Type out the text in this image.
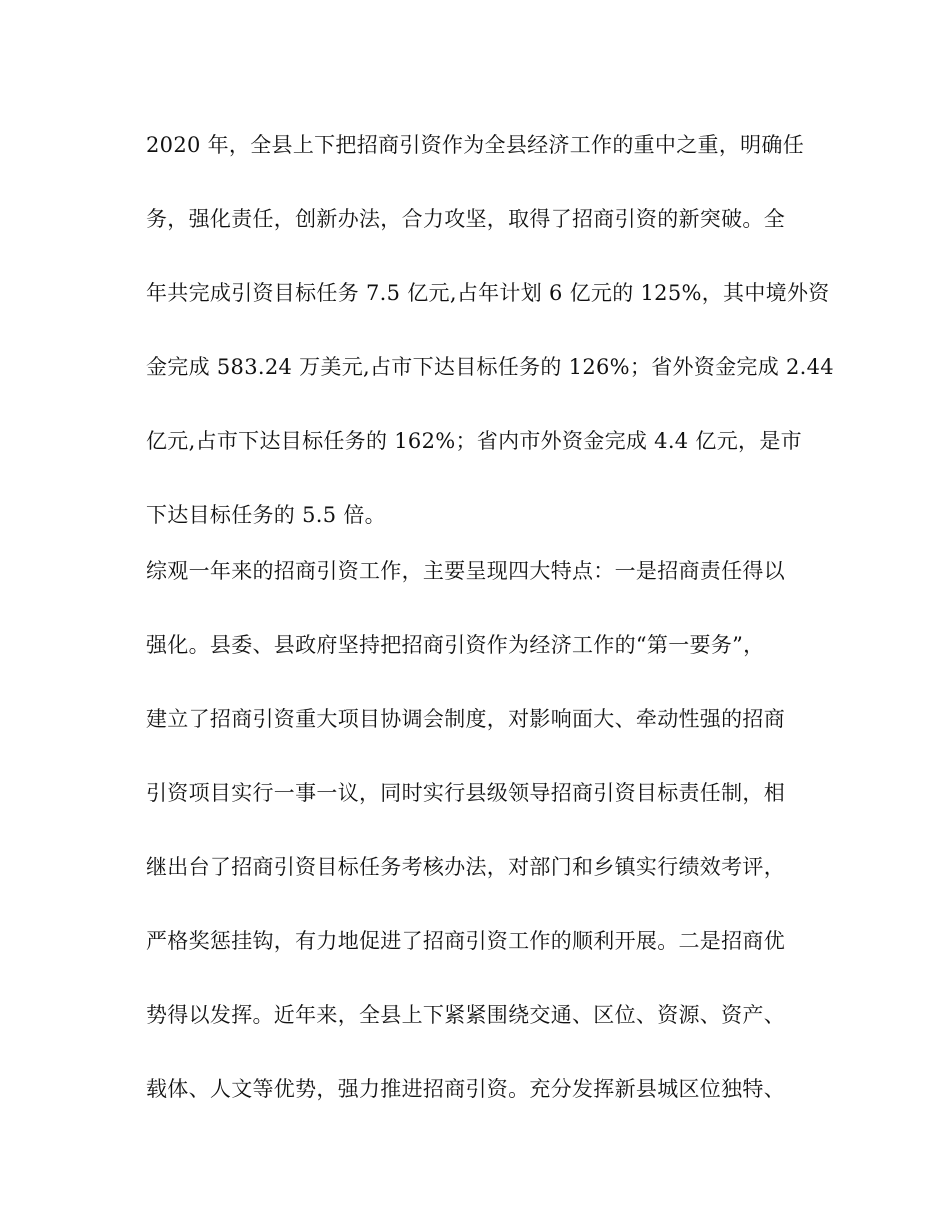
2020 年，全县上下把招商引资作为全县经济工作的重中之重，明确任
务，强化责任，创新办法，合力攻坚，取得了招商引资的新突破。全
年共完成引资目标任务 7.5 亿元,占年计划 6 亿元的 125%，其中境外资
金完成 583.24 万美元,占市下达目标任务的 126%；省外资金完成 2.44
亿元,占市下达目标任务的 162%；省内市外资金完成 4.4 亿元，是市
下达目标任务的 5.5 倍。
综观一年来的招商引资工作，主要呈现四大特点：一是招商责任得以
强化。县委、县政府坚持把招商引资作为经济工作的“第一要务”，
建立了招商引资重大项目协调会制度，对影响面大、牵动性强的招商
引资项目实行一事一议，同时实行县级领导招商引资目标责任制，相
继出台了招商引资目标任务考核办法，对部门和乡镇实行绩效考评，
严格奖惩挂钩，有力地促进了招商引资工作的顺利开展。二是招商优
势得以发挥。近年来，全县上下紧紧围绕交通、区位、资源、资产、
载体、人文等优势，强力推进招商引资。充分发挥新县城区位独特、
